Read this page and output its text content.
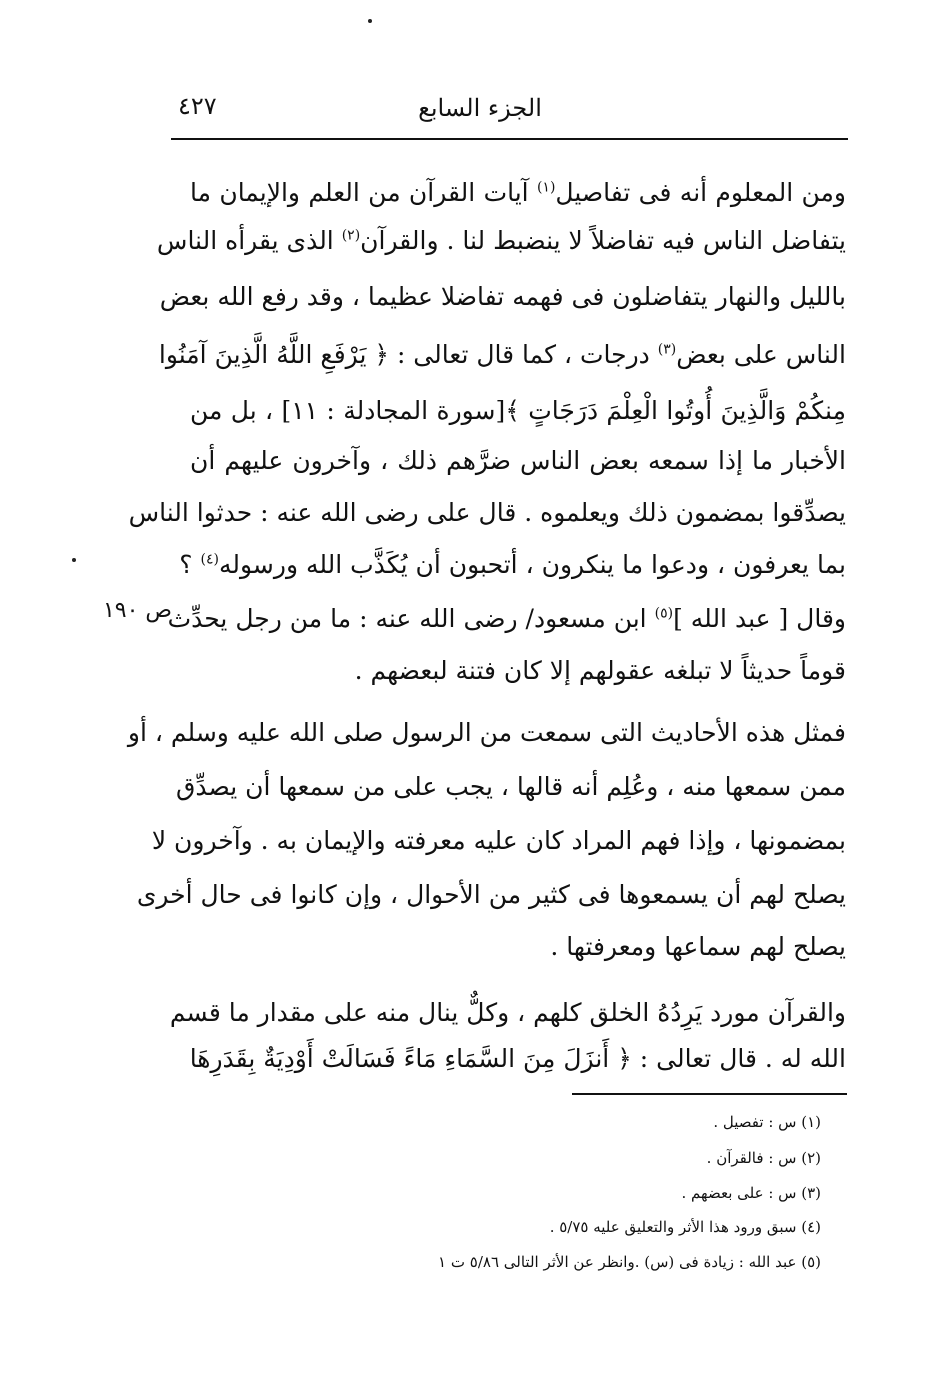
الجزء السابع
٤٢٧
ص ١٩٠
ومن المعلوم أنه فى تفاصيل$^{(١)}$ آيات القرآن من العلم والإيمان ما
يتفاضل الناس فيه تفاضلاً لا ينضبط لنا . والقرآن$^{(٢)}$ الذى يقرأه الناس
بالليل والنهار يتفاضلون فى فهمه تفاضلا عظيما ، وقد رفع الله بعض
الناس على بعض$^{(٣)}$ درجات ، كما قال تعالى : ﴿ يَرْفَعِ اللَّهُ الَّذِينَ آمَنُوا
مِنكُمْ وَالَّذِينَ أُوتُوا الْعِلْمَ دَرَجَاتٍ ﴾[سورة المجادلة : ١١] ، بل من
الأخبار ما إذا سمعه بعض الناس ضرَّهم ذلك ، وآخرون عليهم أن
يصدِّقوا بمضمون ذلك ويعلموه . قال على رضى الله عنه : حدثوا الناس
بما يعرفون ، ودعوا ما ينكرون ، أتحبون أن يُكَذَّب الله ورسوله$^{(٤)}$ ؟
وقال [ عبد الله ]$^{(٥)}$ ابن مسعود/ رضى الله عنه : ما من رجل يحدِّث
قوماً حديثاً لا تبلغه عقولهم إلا كان فتنة لبعضهم .
فمثل هذه الأحاديث التى سمعت من الرسول صلى الله عليه وسلم ، أو
ممن سمعها منه ، وعُلِم أنه قالها ، يجب على من سمعها أن يصدِّق
بمضمونها ، وإذا فهم المراد كان عليه معرفته والإيمان به . وآخرون لا
يصلح لهم أن يسمعوها فى كثير من الأحوال ، وإن كانوا فى حال أخرى
يصلح لهم سماعها ومعرفتها .
والقرآن مورد يَرِدُهُ الخلق كلهم ، وكلٌّ ينال منه على مقدار ما قسم
الله له . قال تعالى : ﴿ أَنزَلَ مِنَ السَّمَاءِ مَاءً فَسَالَتْ أَوْدِيَةٌ بِقَدَرِهَا
(١) س : تفصيل .
(٢) س : فالقرآن .
(٣) س : على بعضهم .
(٤) سبق ورود هذا الأثر والتعليق عليه ٥/٧٥ .
(٥) عبد الله : زيادة فى (س) .وانظر عن الأثر التالى ٥/٨٦ ت ١
